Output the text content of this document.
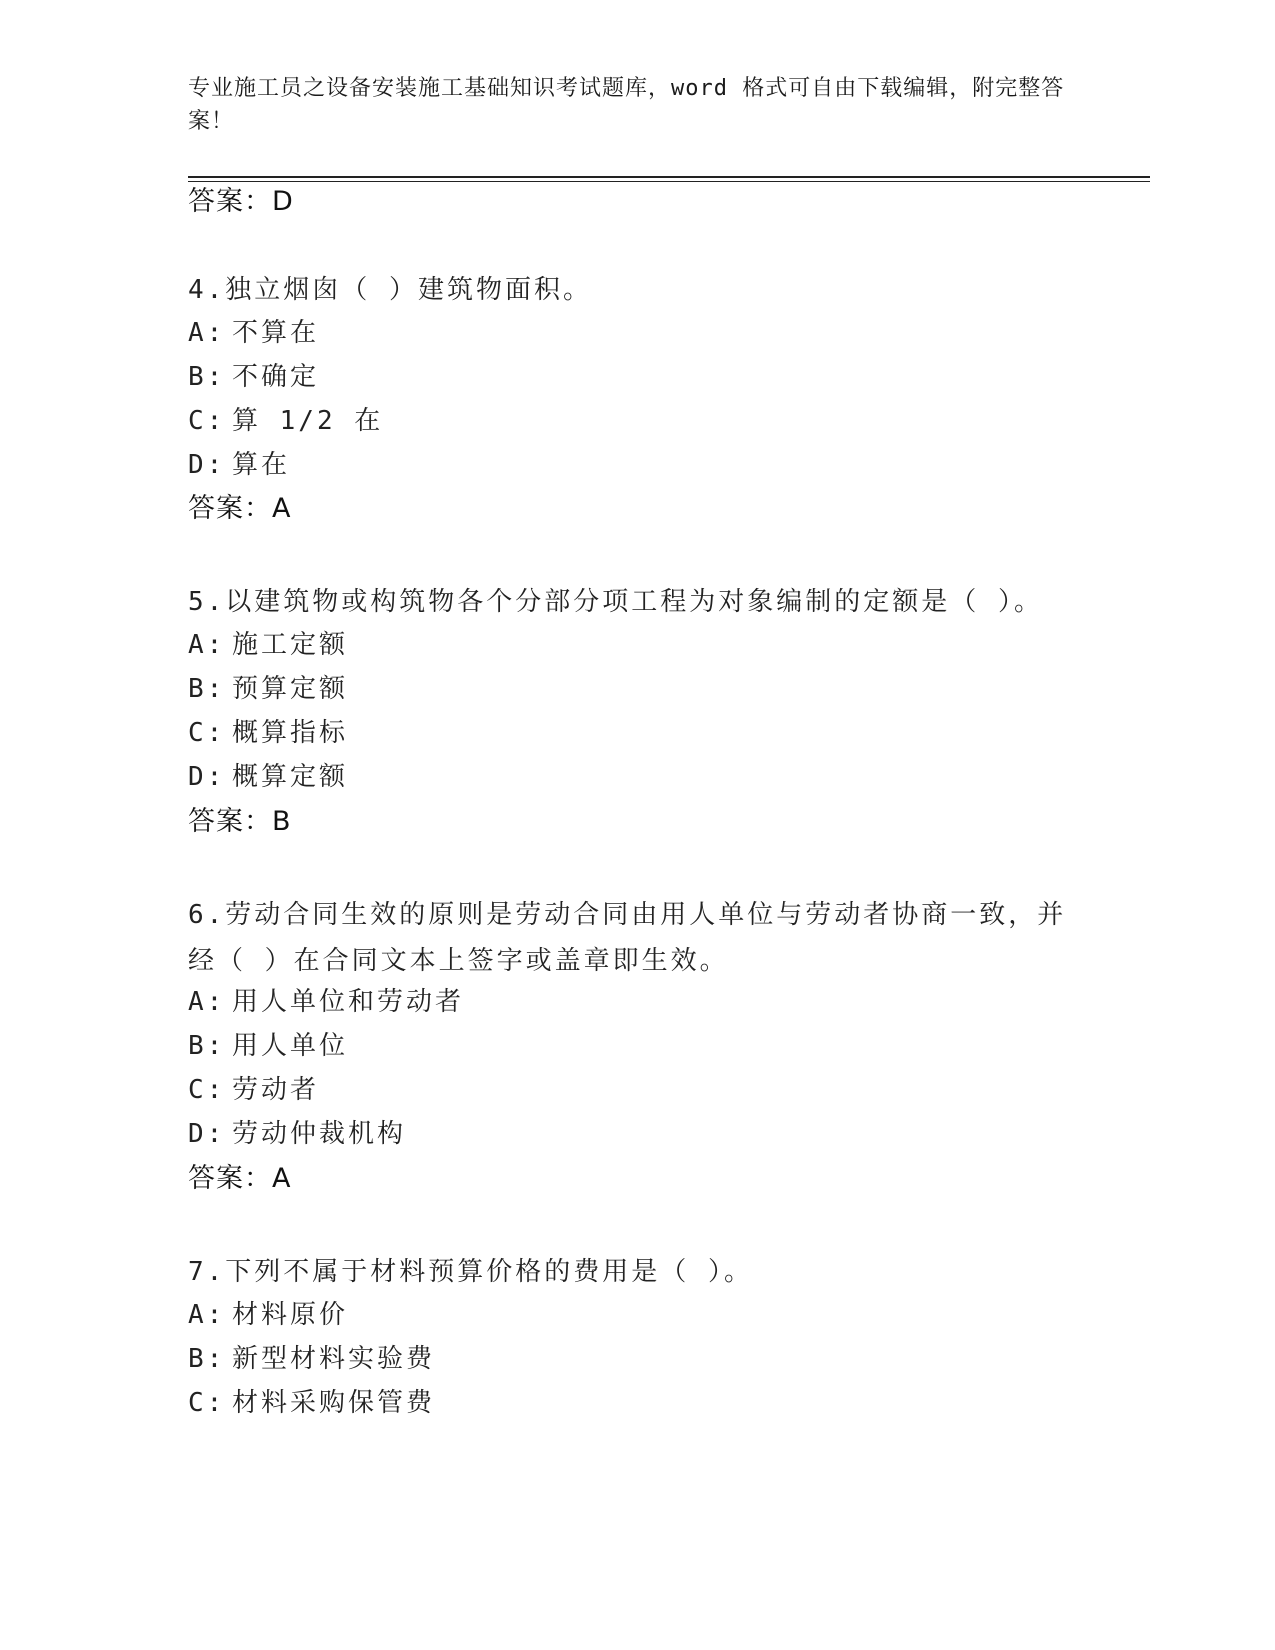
专业施工员之设备安装施工基础知识考试题库，word 格式可自由下载编辑，附完整答案！
答案：D
4.独立烟囱（ ）建筑物面积。
A: 不算在
B: 不确定
C: 算 1/2 在
D: 算在
答案：A
5.以建筑物或构筑物各个分部分项工程为对象编制的定额是（ ）。
A: 施工定额
B: 预算定额
C: 概算指标
D: 概算定额
答案：B
6.劳动合同生效的原则是劳动合同由用人单位与劳动者协商一致，并经（ ）在合同文本上签字或盖章即生效。
A: 用人单位和劳动者
B: 用人单位
C: 劳动者
D: 劳动仲裁机构
答案：A
7.下列不属于材料预算价格的费用是（ ）。
A: 材料原价
B: 新型材料实验费
C: 材料采购保管费
